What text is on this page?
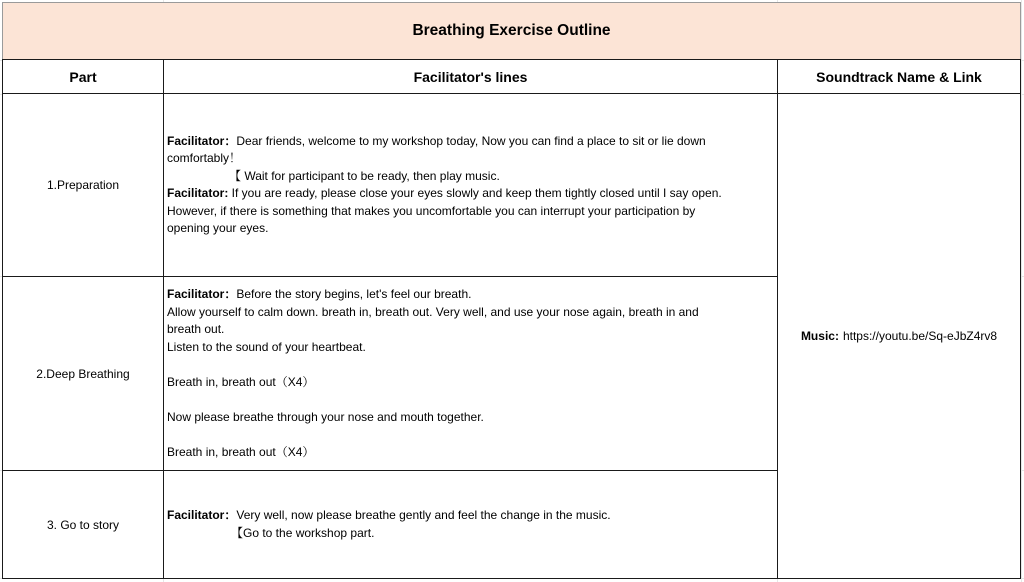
Breathing Exercise Outline
Part	Facilitator's lines	Soundtrack Name & Link
1.Preparation
Facilitator：Dear friends, welcome to my workshop today, Now you can find a place to sit or lie down
comfortably！
【 Wait for participant to be ready, then play music.
Facilitator: If you are ready, please close your eyes slowly and keep them tightly closed until I say open.
However, if there is something that makes you uncomfortable you can interrupt your participation by
opening your eyes.
2.Deep Breathing
Facilitator：Before the story begins, let's feel our breath.
Allow yourself to calm down. breath in, breath out. Very well, and use your nose again, breath in and
breath out.
Listen to the sound of your heartbeat.
Breath in, breath out（X4）
Now please breathe through your nose and mouth together.
Breath in, breath out（X4）
3. Go to story
Facilitator：Very well, now please breathe gently and feel the change in the music.
【Go to the workshop part.
Music: https://youtu.be/Sq-eJbZ4rv8
